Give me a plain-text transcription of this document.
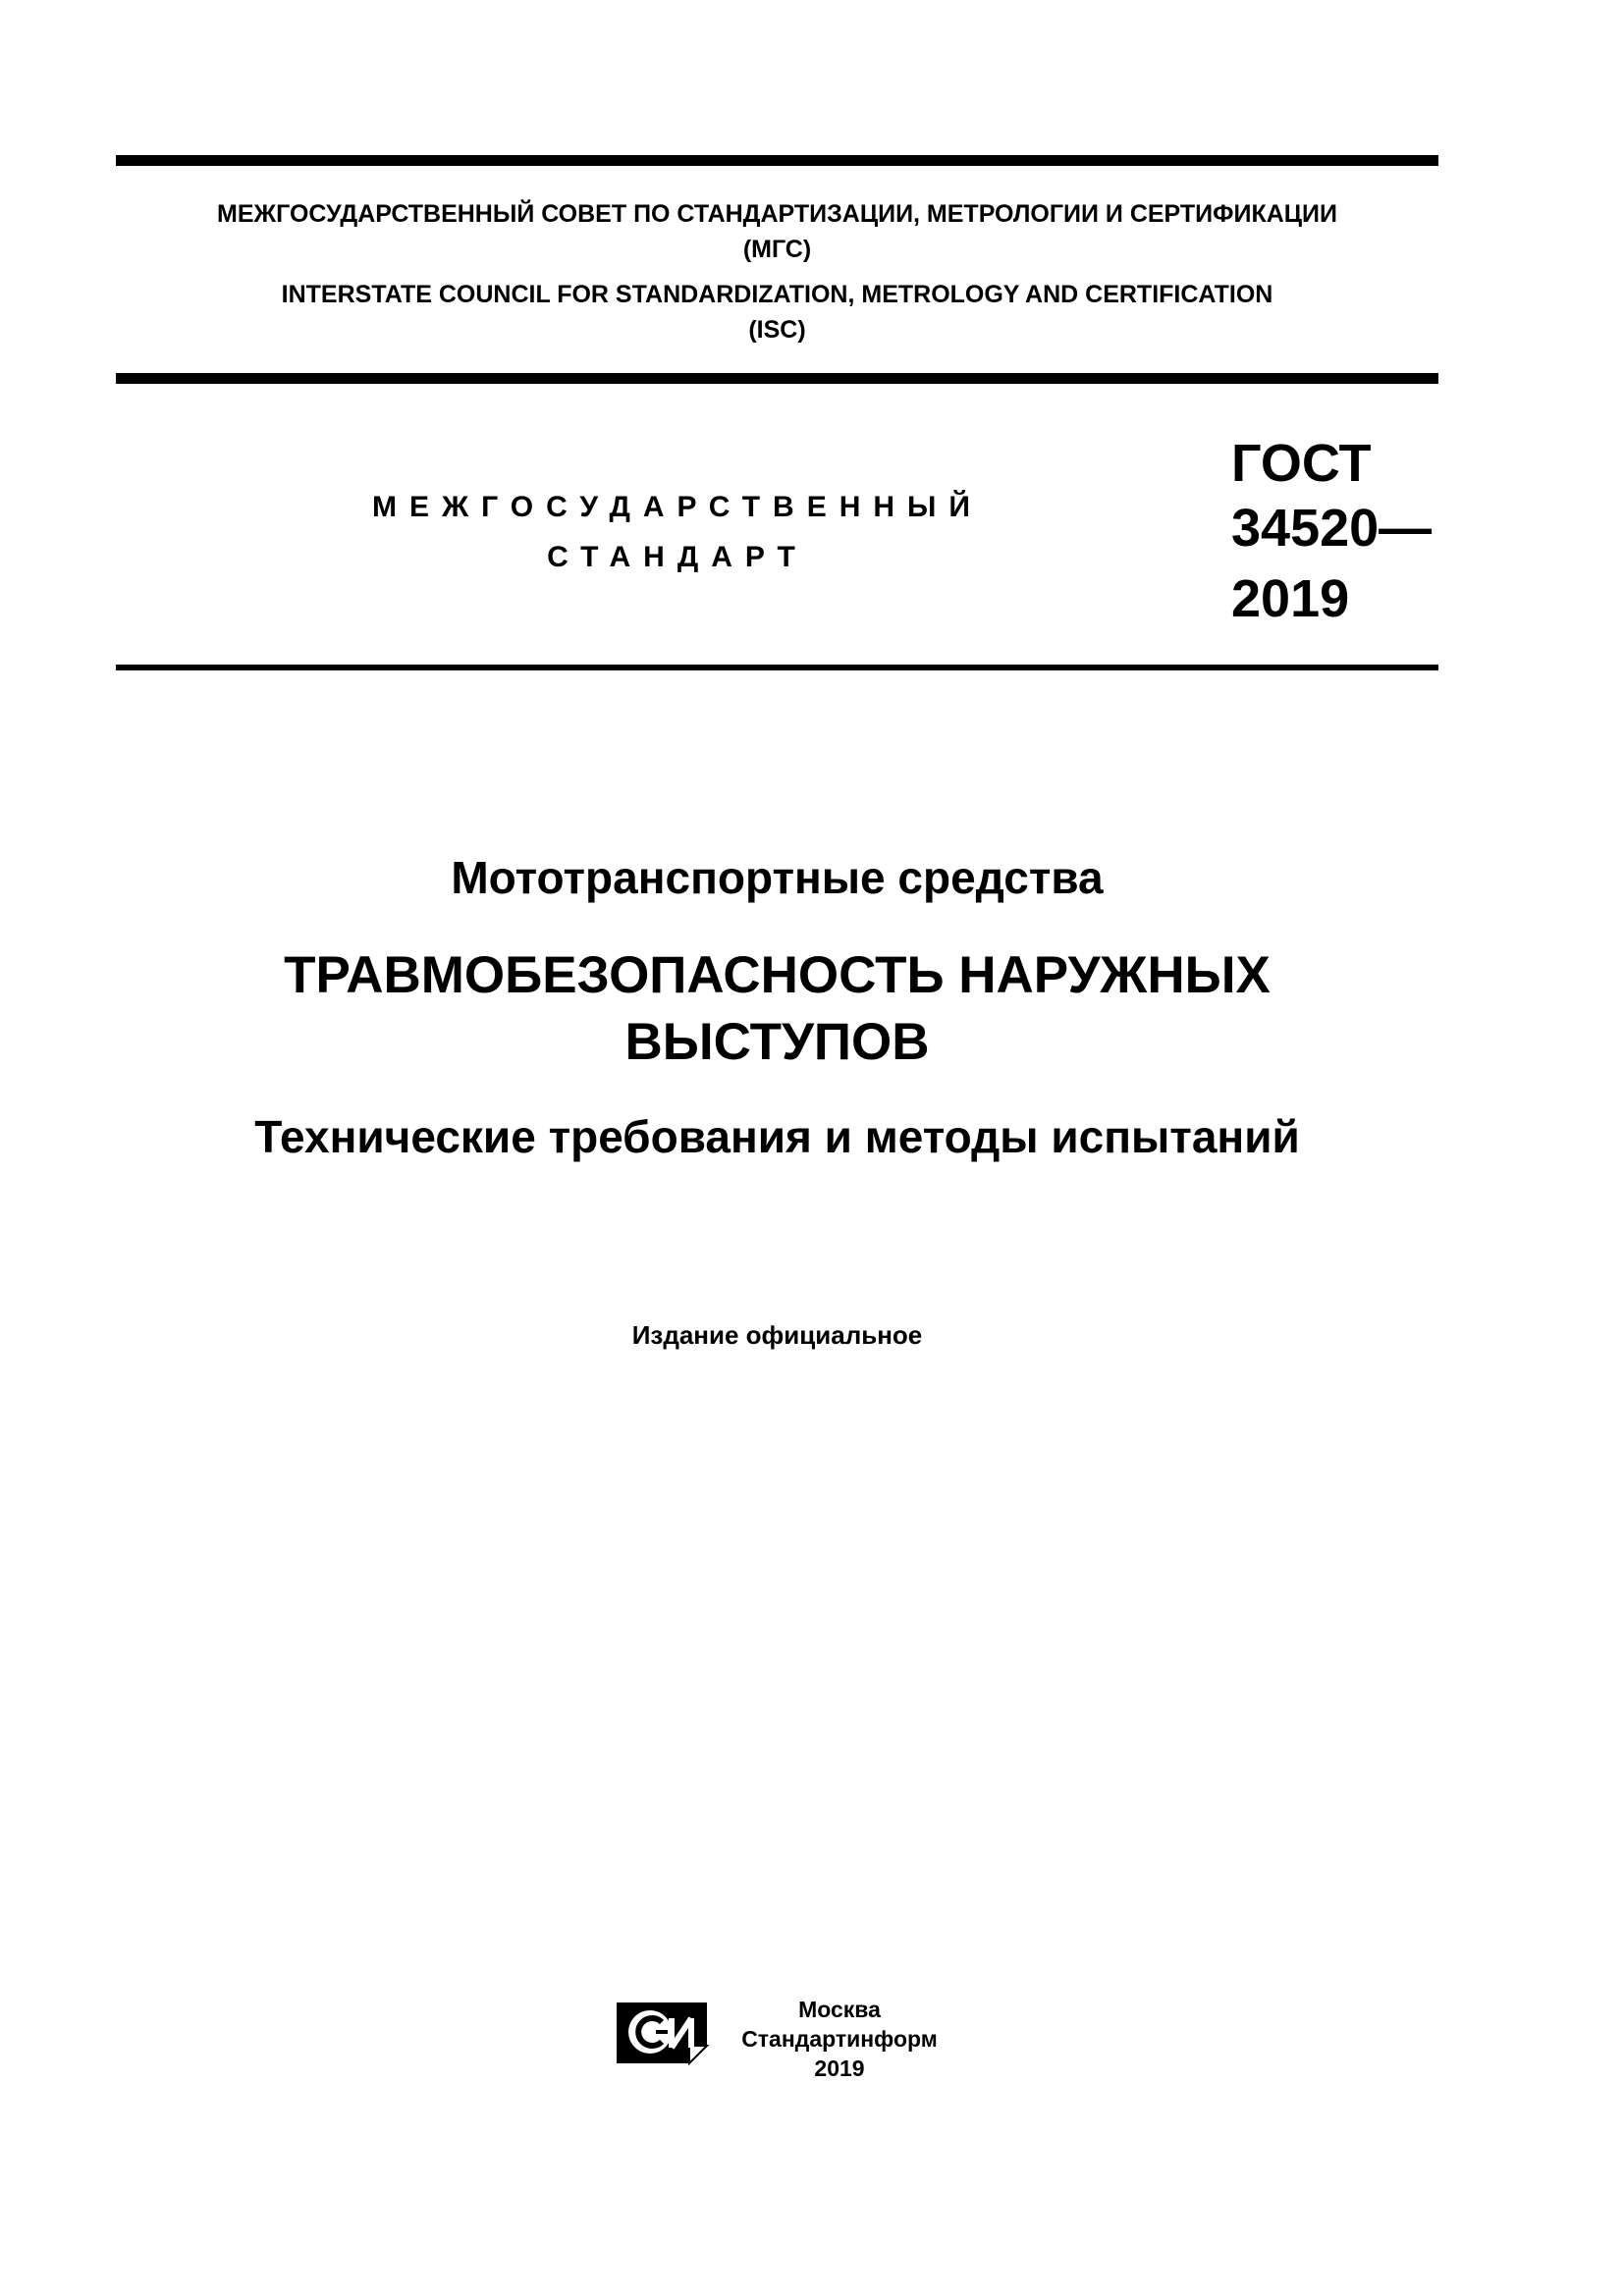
МЕЖГОСУДАРСТВЕННЫЙ СОВЕТ ПО СТАНДАРТИЗАЦИИ, МЕТРОЛОГИИ И СЕРТИФИКАЦИИ
(МГС)
INTERSTATE COUNCIL FOR STANDARDIZATION, METROLOGY AND CERTIFICATION
(ISC)
МЕЖГОСУДАРСТВЕННЫЙ
СТАНДАРТ
ГОСТ
34520—
2019
Мототранспортные средства
ТРАВМОБЕЗОПАСНОСТЬ НАРУЖНЫХ
ВЫСТУПОВ
Технические требования и методы испытаний
Издание официальное
Москва
Стандартинформ
2019
